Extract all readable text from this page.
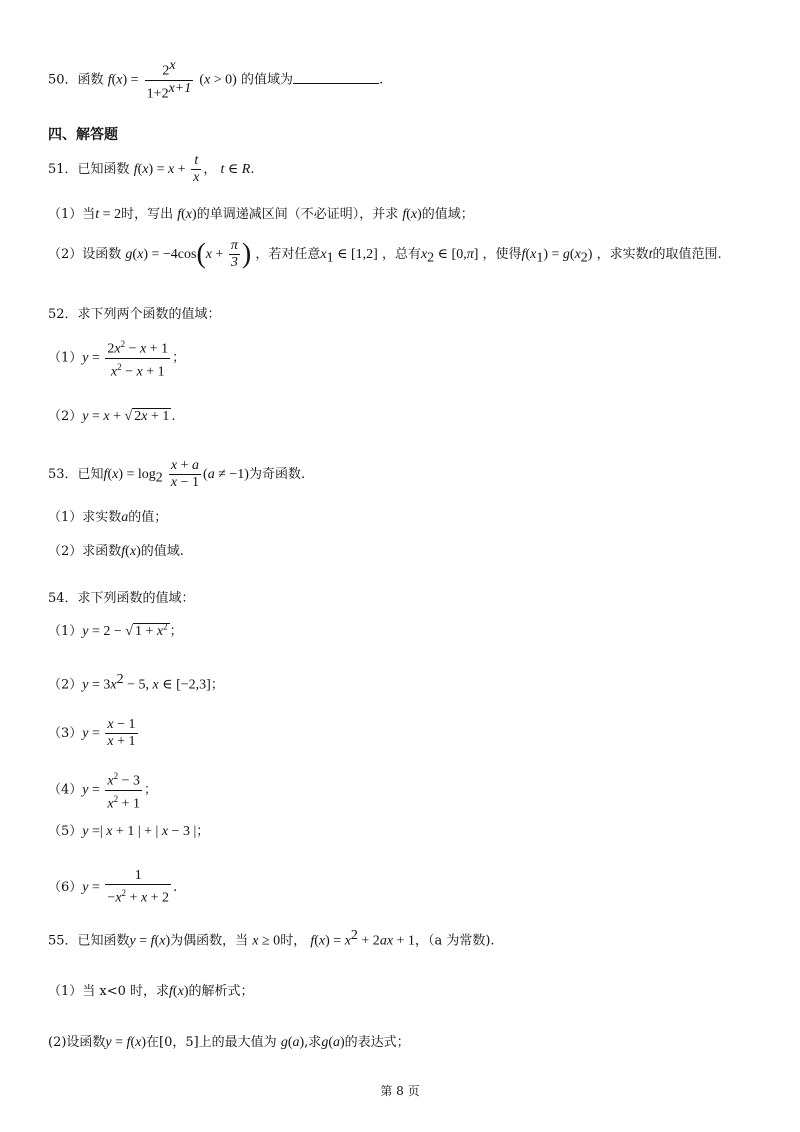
50．函数 $f(x) = \frac{2^x}{1+2^{x+1}} (x > 0)$ 的值域为	.
四、解答题
51．已知函数 $f(x) = x + \frac{t}{x}$ ， t ∈ R.
（1）当t = 2时，写出 f(x)的单调递减区间（不必证明），并求 f(x)的值域；
（2）设函数 $g(x) = -4\cos(x + \frac{\pi}{3}$ ) ，若对任意$x_1$ ∈ [1,2] ，总有$x_2$ ∈ [0,π] ，使得$f(x_1) = g(x_2)$ ，求实数t的取值范围.
52．求下列两个函数的值域：
$(1)y = \frac{2x^2 - x + 1}{x^2 - x + 1}$ ；
（2）y = x + √ 2x + 1 .
53．已知$f(x) = \log_2 \frac{x + a}{x - 1} (a \ne -1)$为奇函数.
（1）求实数a的值；
（2）求函数f(x)的值域.
54．求下列函数的值域：
（1）y = 2 − √ $1 + x^2$ ；
$(2)y = 3x^2 - 5$, x ∈ [−2,3]；
$(3)y = \frac{x - 1}{x + 1}$
$(4)y = \frac{x^2 - 3}{x^2 + 1}$ ；
（5）y =| x + 1 | + | x − 3 |；
$(6)y = \frac{1}{-x^2 + x + 2}$ .
55．已知函数y = f(x)为偶函数，当 x ≥ 0时， $f(x) = x^2 + 2ax + 1$，（a 为常数).
（1）当 x<0 时，求f(x)的解析式；
(2)设函数y = f(x)在[0，5]上的最大值为 g(a),求g(a)的表达式；
第 8 页
